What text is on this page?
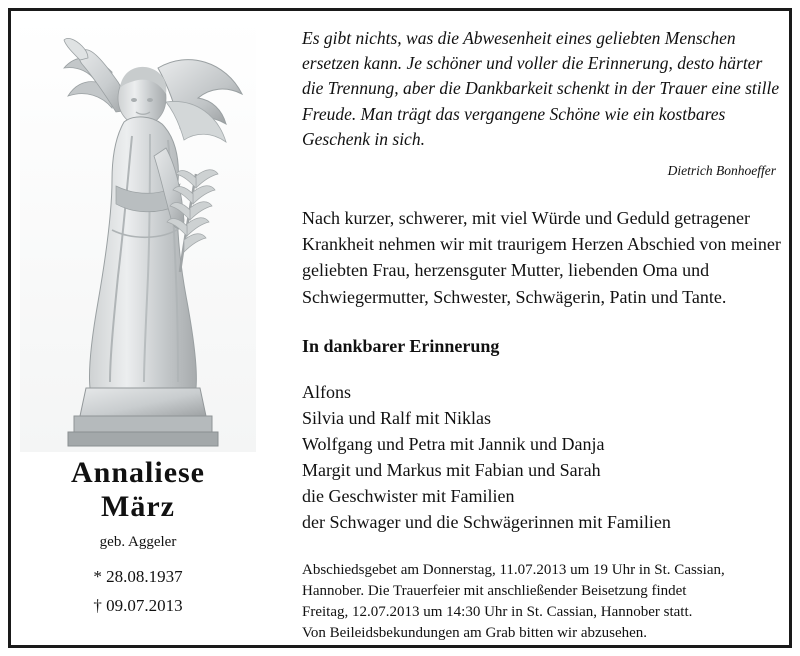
Annaliese
März
geb. Aggeler
* 28.08.1937
† 09.07.2013
Es gibt nichts, was die Abwesenheit eines geliebten Menschen ersetzen kann. Je schöner und voller die Erinnerung, desto härter die Trennung, aber die Dankbarkeit schenkt in der Trauer eine stille Freude. Man trägt das vergangene Schöne wie ein kostbares Geschenk in sich.
Dietrich Bonhoeffer
Nach kurzer, schwerer, mit viel Würde und Geduld getragener Krankheit nehmen wir mit traurigem Herzen Abschied von meiner geliebten Frau, herzensguter Mutter, liebenden Oma und Schwiegermutter, Schwester, Schwägerin, Patin und Tante.
In dankbarer Erinnerung
Alfons
Silvia und Ralf mit Niklas
Wolfgang und Petra mit Jannik und Danja
Margit und Markus mit Fabian und Sarah
die Geschwister mit Familien
der Schwager und die Schwägerinnen mit Familien
Abschiedsgebet am Donnerstag, 11.07.2013 um 19 Uhr in St. Cassian,
Hannober. Die Trauerfeier mit anschließender Beisetzung findet
Freitag, 12.07.2013 um 14:30 Uhr in St. Cassian, Hannober statt.
Von Beileidsbekundungen am Grab bitten wir abzusehen.
